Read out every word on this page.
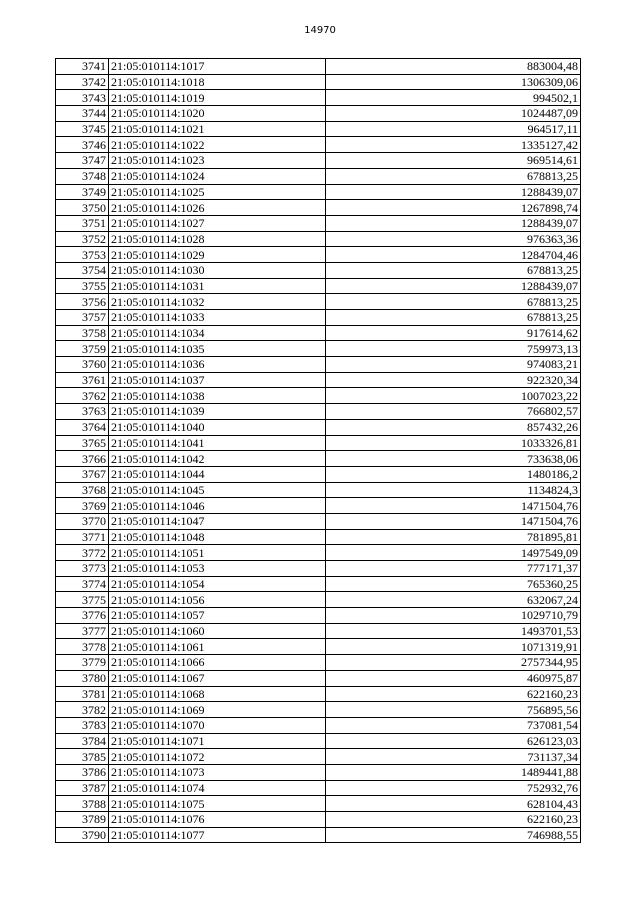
14970
3741	21:05:010114:1017	883004,48
3742	21:05:010114:1018	1306309,06
3743	21:05:010114:1019	994502,1
3744	21:05:010114:1020	1024487,09
3745	21:05:010114:1021	964517,11
3746	21:05:010114:1022	1335127,42
3747	21:05:010114:1023	969514,61
3748	21:05:010114:1024	678813,25
3749	21:05:010114:1025	1288439,07
3750	21:05:010114:1026	1267898,74
3751	21:05:010114:1027	1288439,07
3752	21:05:010114:1028	976363,36
3753	21:05:010114:1029	1284704,46
3754	21:05:010114:1030	678813,25
3755	21:05:010114:1031	1288439,07
3756	21:05:010114:1032	678813,25
3757	21:05:010114:1033	678813,25
3758	21:05:010114:1034	917614,62
3759	21:05:010114:1035	759973,13
3760	21:05:010114:1036	974083,21
3761	21:05:010114:1037	922320,34
3762	21:05:010114:1038	1007023,22
3763	21:05:010114:1039	766802,57
3764	21:05:010114:1040	857432,26
3765	21:05:010114:1041	1033326,81
3766	21:05:010114:1042	733638,06
3767	21:05:010114:1044	1480186,2
3768	21:05:010114:1045	1134824,3
3769	21:05:010114:1046	1471504,76
3770	21:05:010114:1047	1471504,76
3771	21:05:010114:1048	781895,81
3772	21:05:010114:1051	1497549,09
3773	21:05:010114:1053	777171,37
3774	21:05:010114:1054	765360,25
3775	21:05:010114:1056	632067,24
3776	21:05:010114:1057	1029710,79
3777	21:05:010114:1060	1493701,53
3778	21:05:010114:1061	1071319,91
3779	21:05:010114:1066	2757344,95
3780	21:05:010114:1067	460975,87
3781	21:05:010114:1068	622160,23
3782	21:05:010114:1069	756895,56
3783	21:05:010114:1070	737081,54
3784	21:05:010114:1071	626123,03
3785	21:05:010114:1072	731137,34
3786	21:05:010114:1073	1489441,88
3787	21:05:010114:1074	752932,76
3788	21:05:010114:1075	628104,43
3789	21:05:010114:1076	622160,23
3790	21:05:010114:1077	746988,55
